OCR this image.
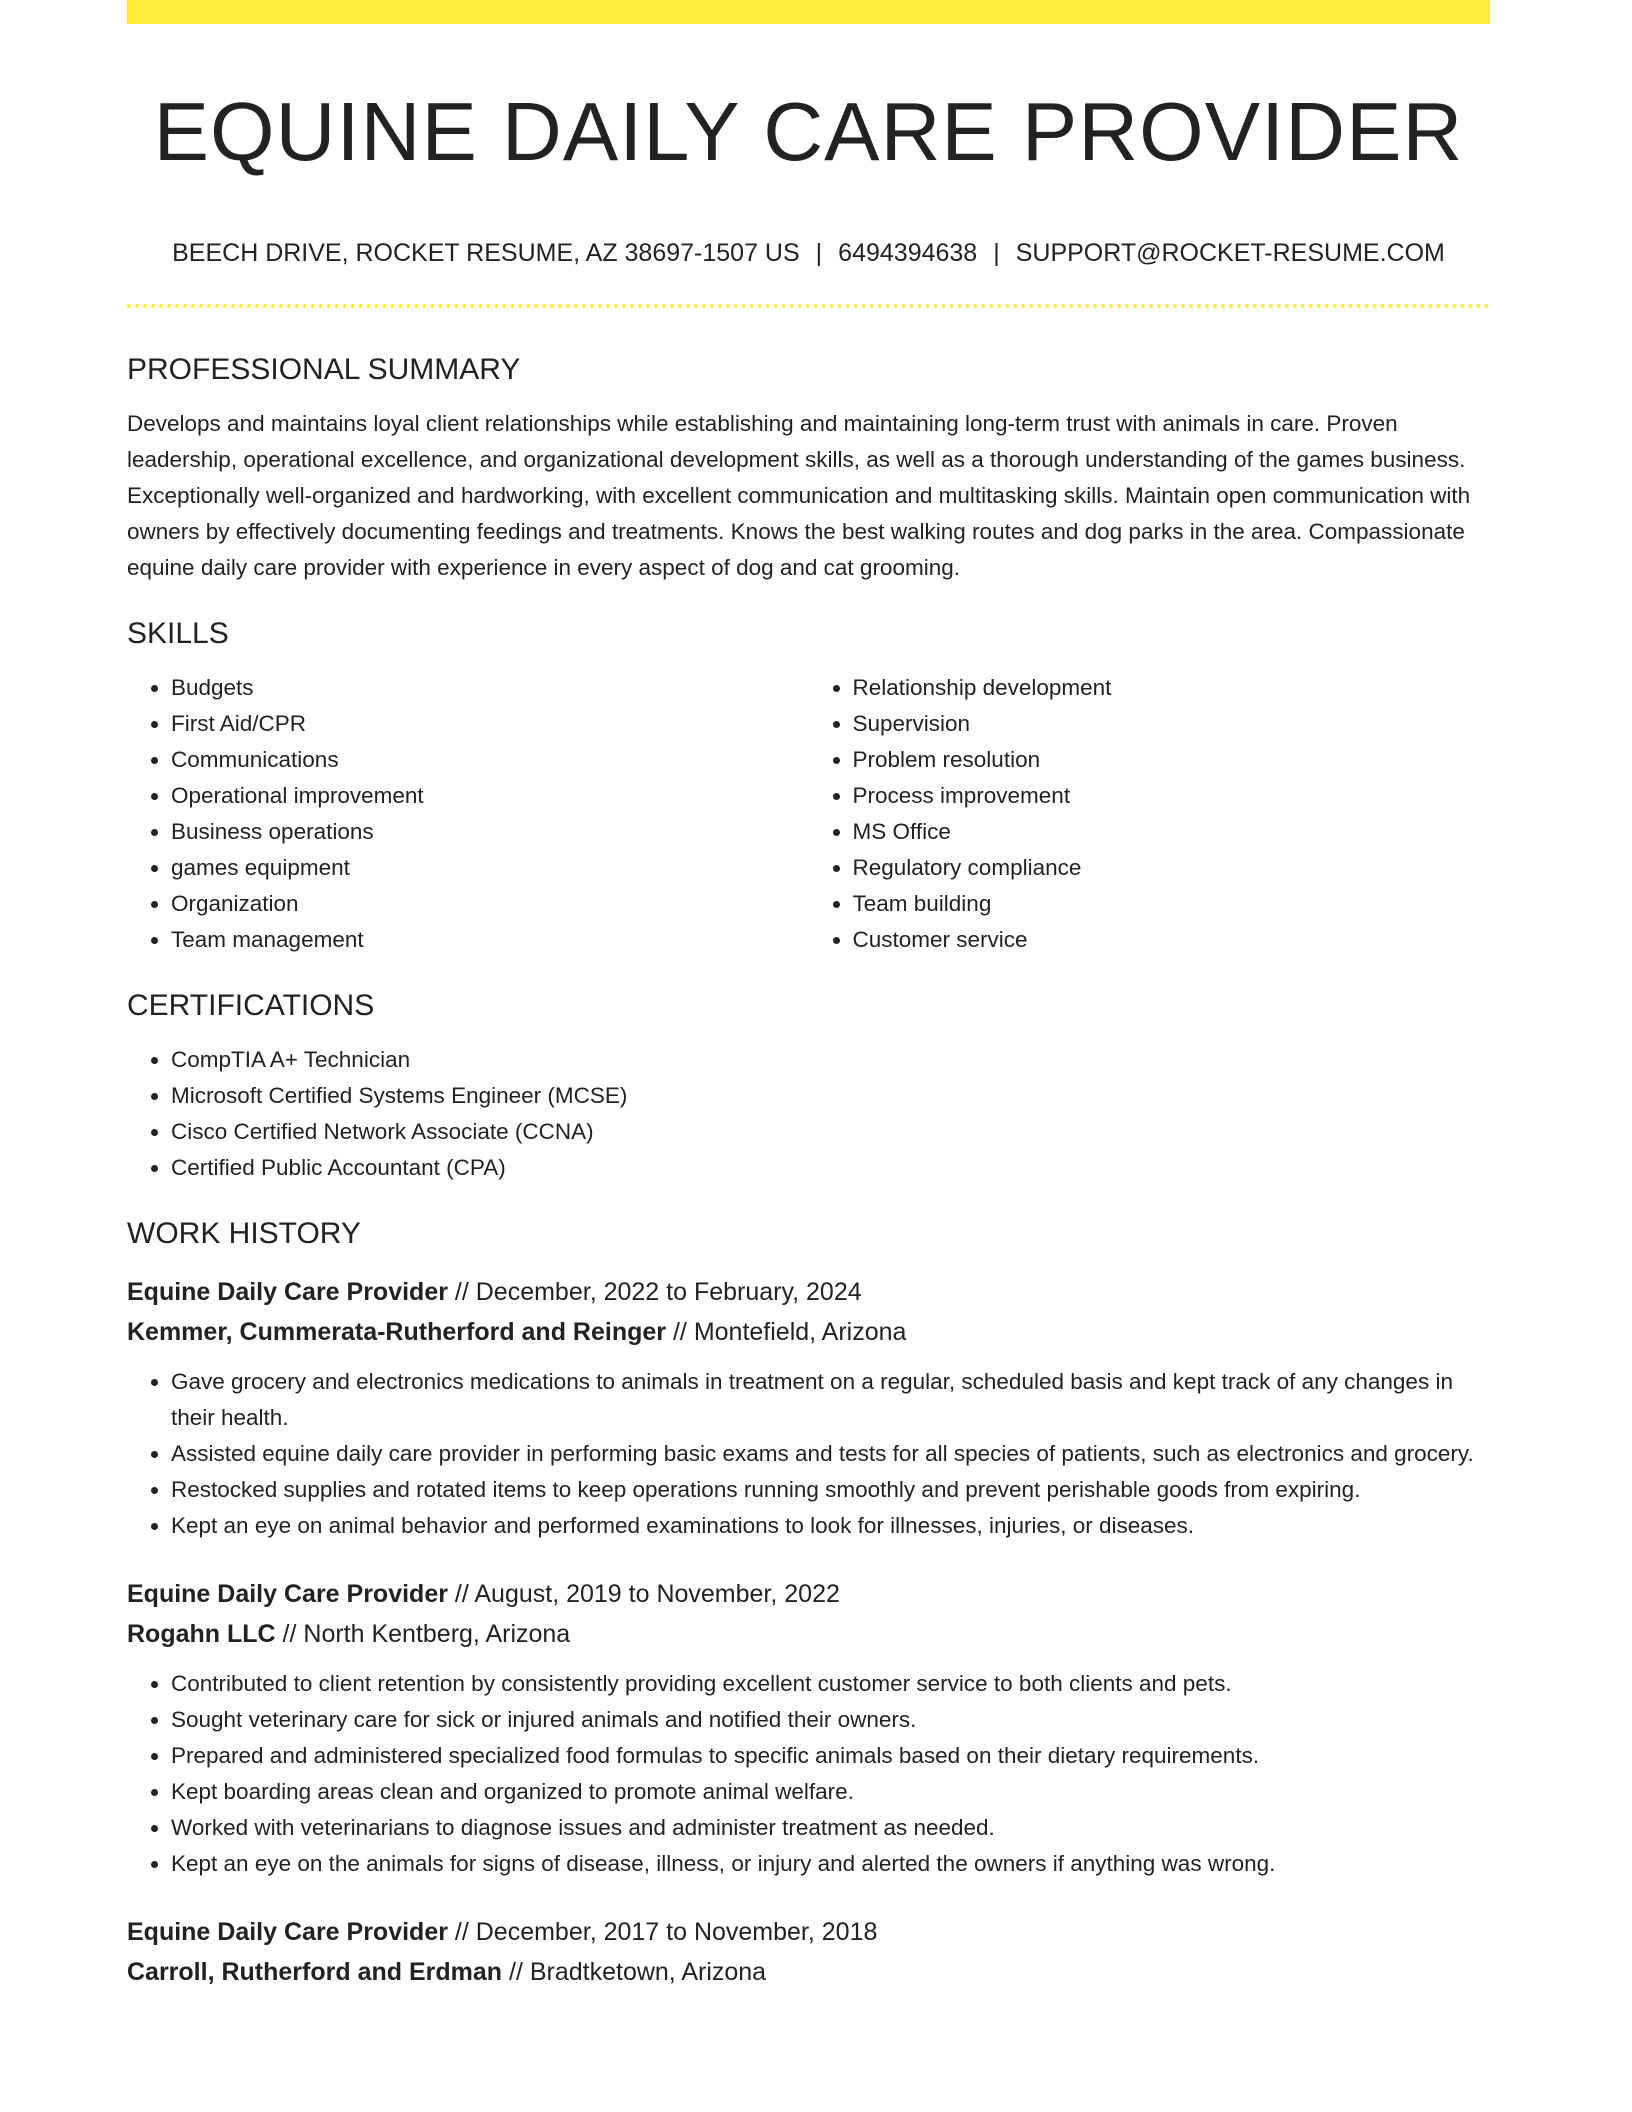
EQUINE DAILY CARE PROVIDER
BEECH DRIVE, ROCKET RESUME, AZ 38697-1507 US | 6494394638 | SUPPORT@ROCKET-RESUME.COM
PROFESSIONAL SUMMARY

Develops and maintains loyal client relationships while establishing and maintaining long-term trust with animals in care. Proven leadership, operational excellence, and organizational development skills, as well as a thorough understanding of the games business. Exceptionally well-organized and hardworking, with excellent communication and multitasking skills. Maintain open communication with owners by effectively documenting feedings and treatments. Knows the best walking routes and dog parks in the area. Compassionate equine daily care provider with experience in every aspect of dog and cat grooming.

SKILLS
• Budgets
• First Aid/CPR
• Communications
• Operational improvement
• Business operations
• games equipment
• Organization
• Team management
• Relationship development
• Supervision
• Problem resolution
• Process improvement
• MS Office
• Regulatory compliance
• Team building
• Customer service
CERTIFICATIONS
• CompTIA A+ Technician
• Microsoft Certified Systems Engineer (MCSE)
• Cisco Certified Network Associate (CCNA)
• Certified Public Accountant (CPA)
WORK HISTORY
Equine Daily Care Provider // December, 2022 to February, 2024
Kemmer, Cummerata-Rutherford and Reinger // Montefield, Arizona
• Gave grocery and electronics medications to animals in treatment on a regular, scheduled basis and kept track of any changes in their health.
• Assisted equine daily care provider in performing basic exams and tests for all species of patients, such as electronics and grocery.
• Restocked supplies and rotated items to keep operations running smoothly and prevent perishable goods from expiring.
• Kept an eye on animal behavior and performed examinations to look for illnesses, injuries, or diseases.
Equine Daily Care Provider // August, 2019 to November, 2022
Rogahn LLC // North Kentberg, Arizona
• Contributed to client retention by consistently providing excellent customer service to both clients and pets.
• Sought veterinary care for sick or injured animals and notified their owners.
• Prepared and administered specialized food formulas to specific animals based on their dietary requirements.
• Kept boarding areas clean and organized to promote animal welfare.
• Worked with veterinarians to diagnose issues and administer treatment as needed.
• Kept an eye on the animals for signs of disease, illness, or injury and alerted the owners if anything was wrong.
Equine Daily Care Provider // December, 2017 to November, 2018
Carroll, Rutherford and Erdman // Bradtketown, Arizona
